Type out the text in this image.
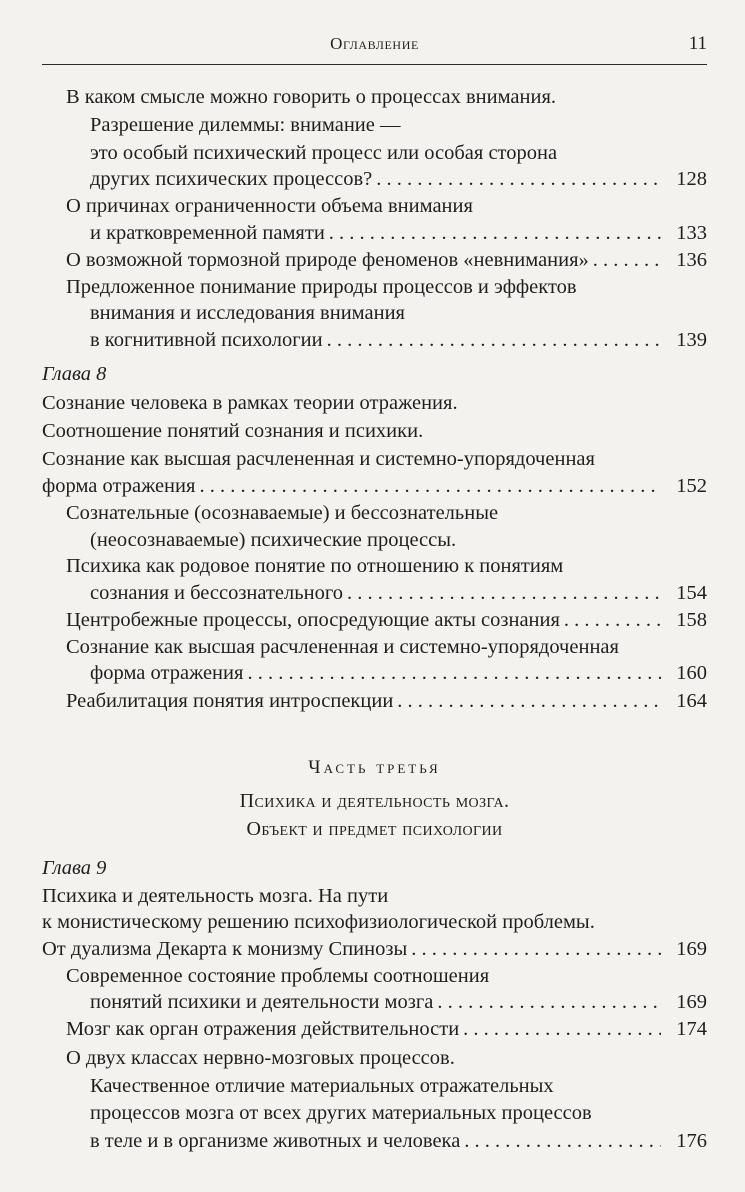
Оглавление	11
В каком смысле можно говорить о процессах внимания.
Разрешение дилеммы: внимание —
это особый психический процесс или особая сторона
других психических процессов? . . .	128
О причинах ограниченности объема внимания
и кратковременной памяти . . .	133
О возможной тормозной природе феноменов «невнимания» . . .	136
Предложенное понимание природы процессов и эффектов
внимания и исследования внимания
в когнитивной психологии . . .	139
Глава 8
Сознание человека в рамках теории отражения.
Соотношение понятий сознания и психики.
Сознание как высшая расчлененная и системно-упорядоченная
форма отражения . . .	152
Сознательные (осознаваемые) и бессознательные
(неосознаваемые) психические процессы.
Психика как родовое понятие по отношению к понятиям
сознания и бессознательного . . .	154
Центробежные процессы, опосредующие акты сознания . . .	158
Сознание как высшая расчлененная и системно-упорядоченная
форма отражения . . .	160
Реабилитация понятия интроспекции . . .	164
Часть третья
Психика и деятельность мозга.
Объект и предмет психологии
Глава 9
Психика и деятельность мозга. На пути
к монистическому решению психофизиологической проблемы.
От дуализма Декарта к монизму Спинозы . . .	169
Современное состояние проблемы соотношения
понятий психики и деятельности мозга . . .	169
Мозг как орган отражения действительности . . .	174
О двух классах нервно-мозговых процессов.
Качественное отличие материальных отражательных
процессов мозга от всех других материальных процессов
в теле и в организме животных и человека . . .	176
